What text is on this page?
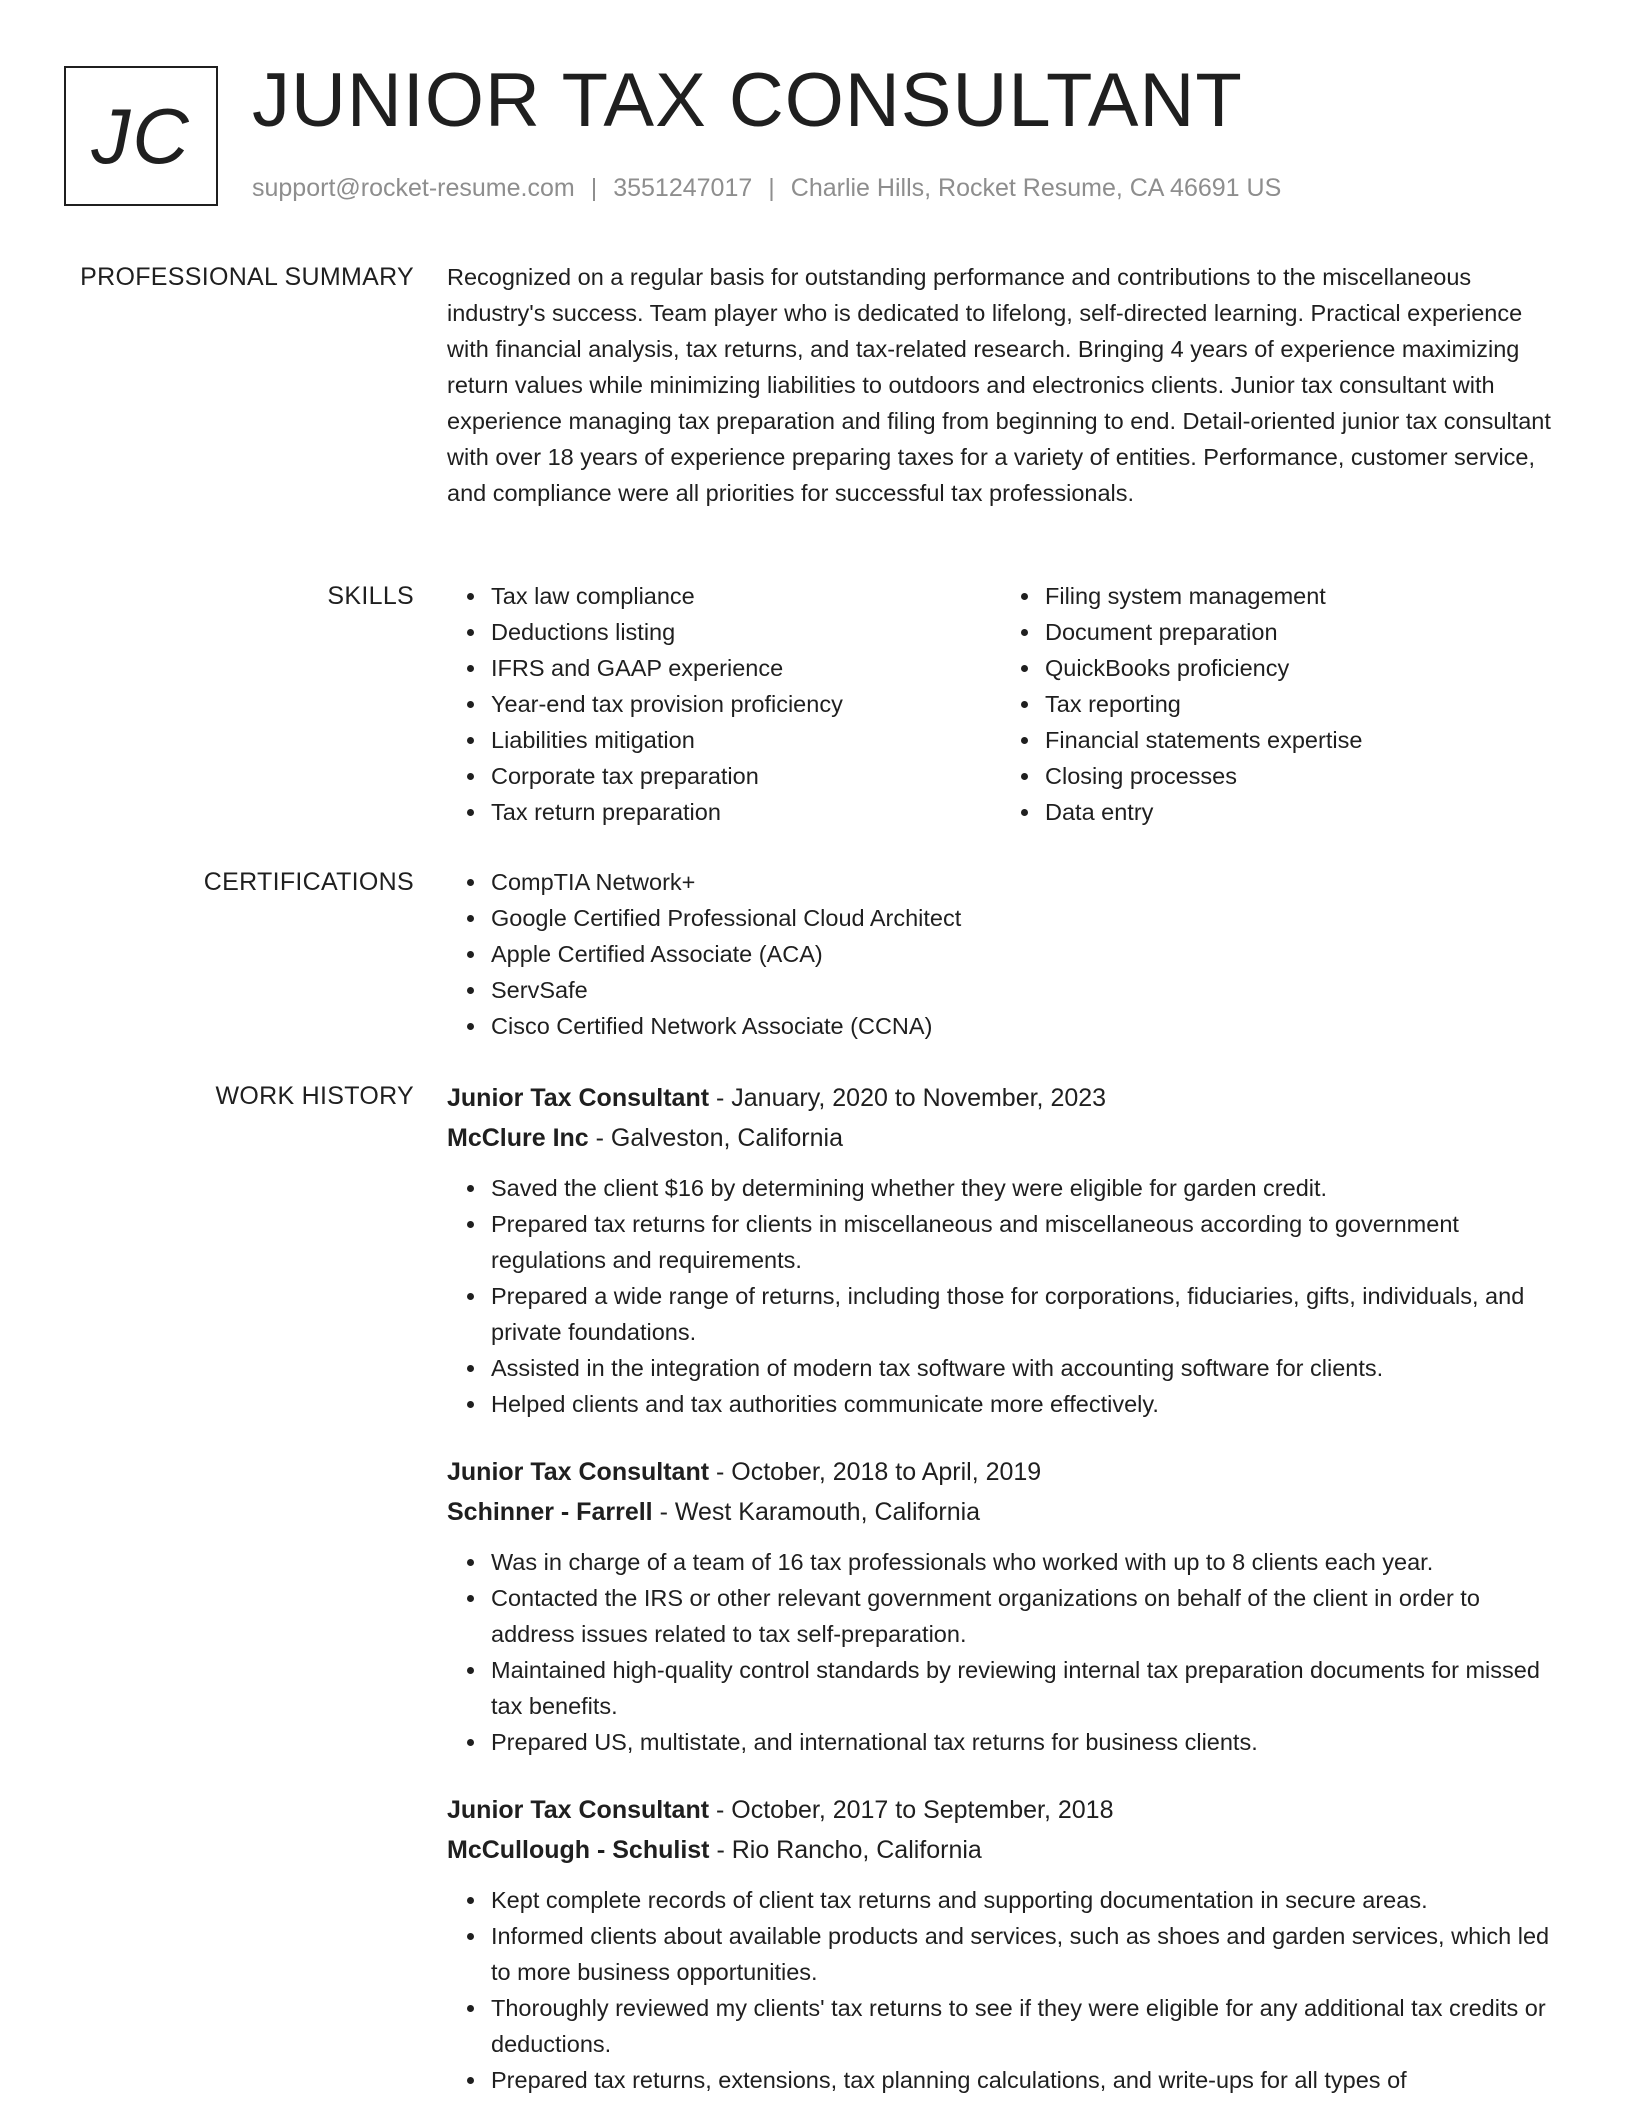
JC JUNIOR TAX CONSULTANT
support@rocket-resume.com | 3551247017 | Charlie Hills, Rocket Resume, CA 46691 US
PROFESSIONAL SUMMARY Recognized on a regular basis for outstanding performance and contributions to the miscellaneous industry's success. Team player who is dedicated to lifelong, self-directed learning. Practical experience with financial analysis, tax returns, and tax-related research. Bringing 4 years of experience maximizing return values while minimizing liabilities to outdoors and electronics clients. Junior tax consultant with experience managing tax preparation and filing from beginning to end. Detail-oriented junior tax consultant with over 18 years of experience preparing taxes for a variety of entities. Performance, customer service, and compliance were all priorities for successful tax professionals.
SKILLS	Tax law compliance
Deductions listing
IFRS and GAAP experience
Year-end tax provision proficiency
Liabilities mitigation
Corporate tax preparation
Tax return preparation
Filing system management
Document preparation
QuickBooks proficiency
Tax reporting
Financial statements expertise
Closing processes
Data entry
CERTIFICATIONS	CompTIA Network+
Google Certified Professional Cloud Architect
Apple Certified Associate (ACA)
ServSafe
Cisco Certified Network Associate (CCNA)
WORK HISTORY Junior Tax Consultant - January, 2020 to November, 2023
McClure Inc - Galveston, California
Saved the client $16 by determining whether they were eligible for garden credit.
Prepared tax returns for clients in miscellaneous and miscellaneous according to government regulations and requirements.
Prepared a wide range of returns, including those for corporations, fiduciaries, gifts, individuals, and private foundations.
Assisted in the integration of modern tax software with accounting software for clients.
Helped clients and tax authorities communicate more effectively.
Junior Tax Consultant - October, 2018 to April, 2019
Schinner - Farrell - West Karamouth, California
Was in charge of a team of 16 tax professionals who worked with up to 8 clients each year.
Contacted the IRS or other relevant government organizations on behalf of the client in order to address issues related to tax self-preparation.
Maintained high-quality control standards by reviewing internal tax preparation documents for missed tax benefits.
Prepared US, multistate, and international tax returns for business clients.
Junior Tax Consultant - October, 2017 to September, 2018
McCullough - Schulist - Rio Rancho, California
Kept complete records of client tax returns and supporting documentation in secure areas.
Informed clients about available products and services, such as shoes and garden services, which led to more business opportunities.
Thoroughly reviewed my clients' tax returns to see if they were eligible for any additional tax credits or deductions.
Prepared tax returns, extensions, tax planning calculations, and write-ups for all types of
